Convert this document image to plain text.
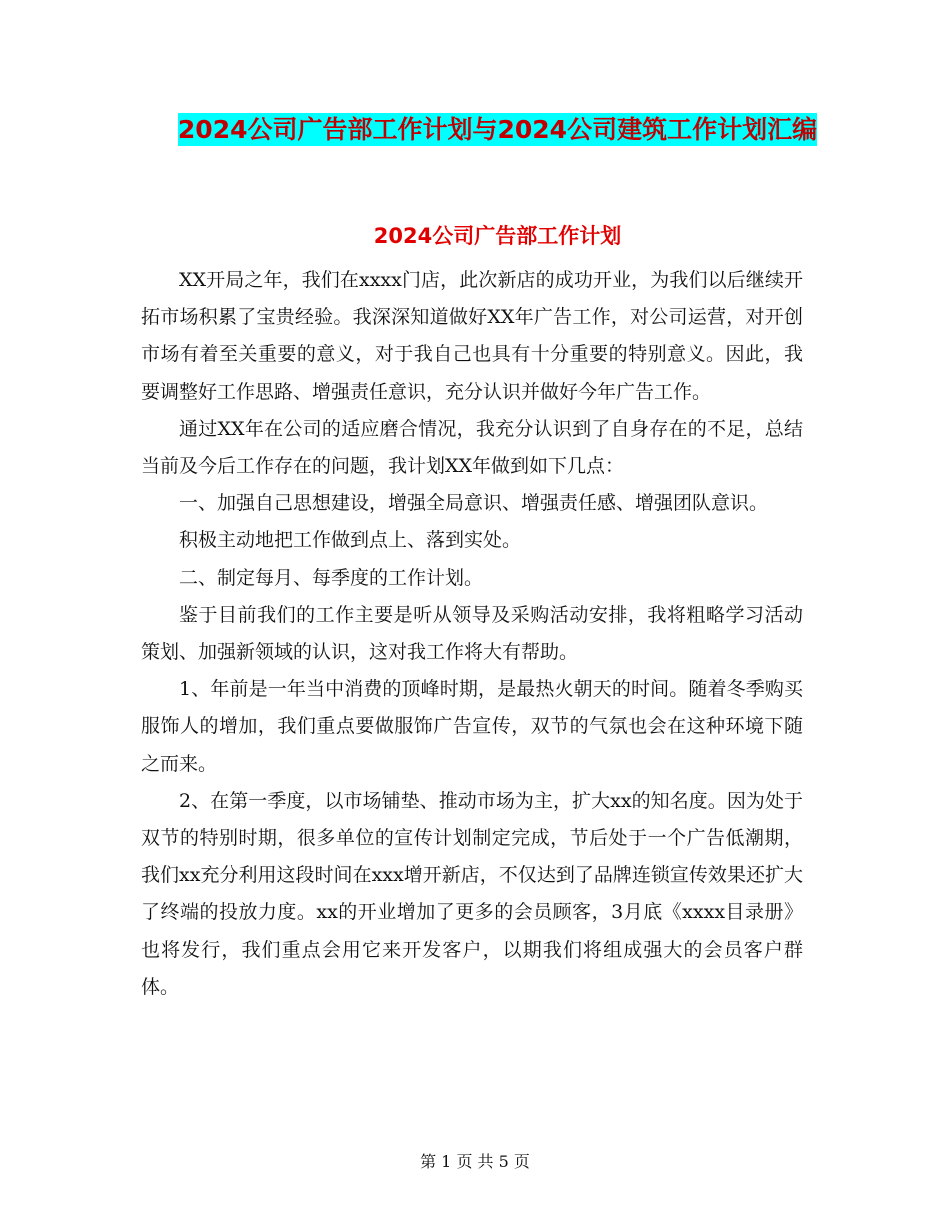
2024公司广告部工作计划与2024公司建筑工作计划汇编
2024公司广告部工作计划

XX开局之年，我们在xxxx门店，此次新店的成功开业，为我们以后继续开拓市场积累了宝贵经验。我深深知道做好XX年广告工作，对公司运营，对开创市场有着至关重要的意义，对于我自己也具有十分重要的特别意义。因此，我要调整好工作思路、增强责任意识，充分认识并做好今年广告工作。

通过XX年在公司的适应磨合情况，我充分认识到了自身存在的不足，总结当前及今后工作存在的问题，我计划XX年做到如下几点：

一、加强自己思想建设，增强全局意识、增强责任感、增强团队意识。

积极主动地把工作做到点上、落到实处。

二、制定每月、每季度的工作计划。

鉴于目前我们的工作主要是听从领导及采购活动安排，我将粗略学习活动策划、加强新领域的认识，这对我工作将大有帮助。

1、年前是一年当中消费的顶峰时期，是最热火朝天的时间。随着冬季购买服饰人的增加，我们重点要做服饰广告宣传，双节的气氛也会在这种环境下随之而来。

2、在第一季度，以市场铺垫、推动市场为主，扩大xx的知名度。因为处于双节的特别时期，很多单位的宣传计划制定完成，节后处于一个广告低潮期，我们xx充分利用这段时间在xxx增开新店，不仅达到了品牌连锁宣传效果还扩大了终端的投放力度。xx的开业增加了更多的会员顾客，3月底《xxxx目录册》也将发行，我们重点会用它来开发客户，以期我们将组成强大的会员客户群体。

第 1 页 共 5 页
